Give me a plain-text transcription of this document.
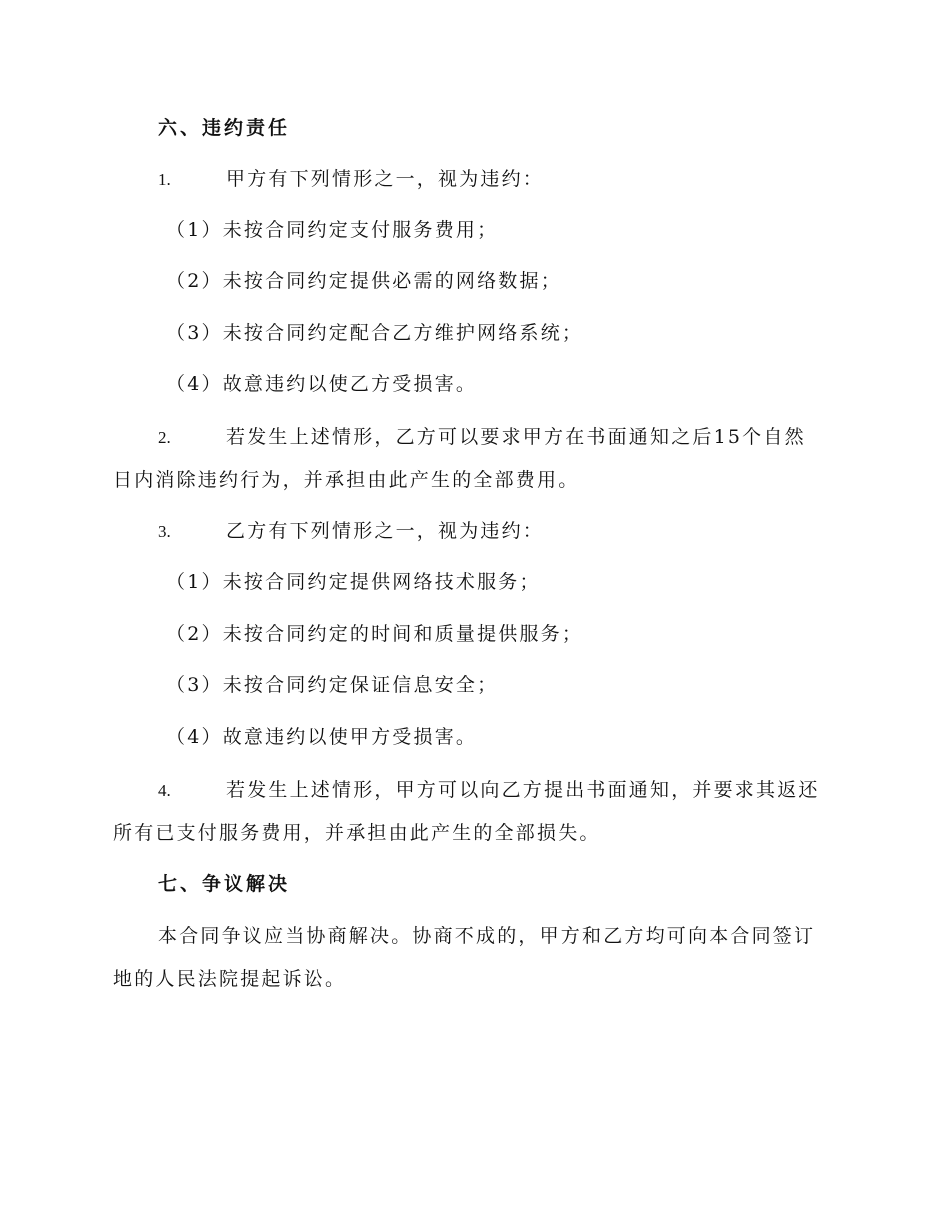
六、违约责任
1.	甲方有下列情形之一，视为违约：
（1）未按合同约定支付服务费用；
（2）未按合同约定提供必需的网络数据；
（3）未按合同约定配合乙方维护网络系统；
（4）故意违约以使乙方受损害。
2.	若发生上述情形，乙方可以要求甲方在书面通知之后15个自然
日内消除违约行为，并承担由此产生的全部费用。
3.	乙方有下列情形之一，视为违约：
（1）未按合同约定提供网络技术服务；
（2）未按合同约定的时间和质量提供服务；
（3）未按合同约定保证信息安全；
（4）故意违约以使甲方受损害。
4.	若发生上述情形，甲方可以向乙方提出书面通知，并要求其返还
所有已支付服务费用，并承担由此产生的全部损失。
七、争议解决
本合同争议应当协商解决。协商不成的，甲方和乙方均可向本合同签订
地的人民法院提起诉讼。
